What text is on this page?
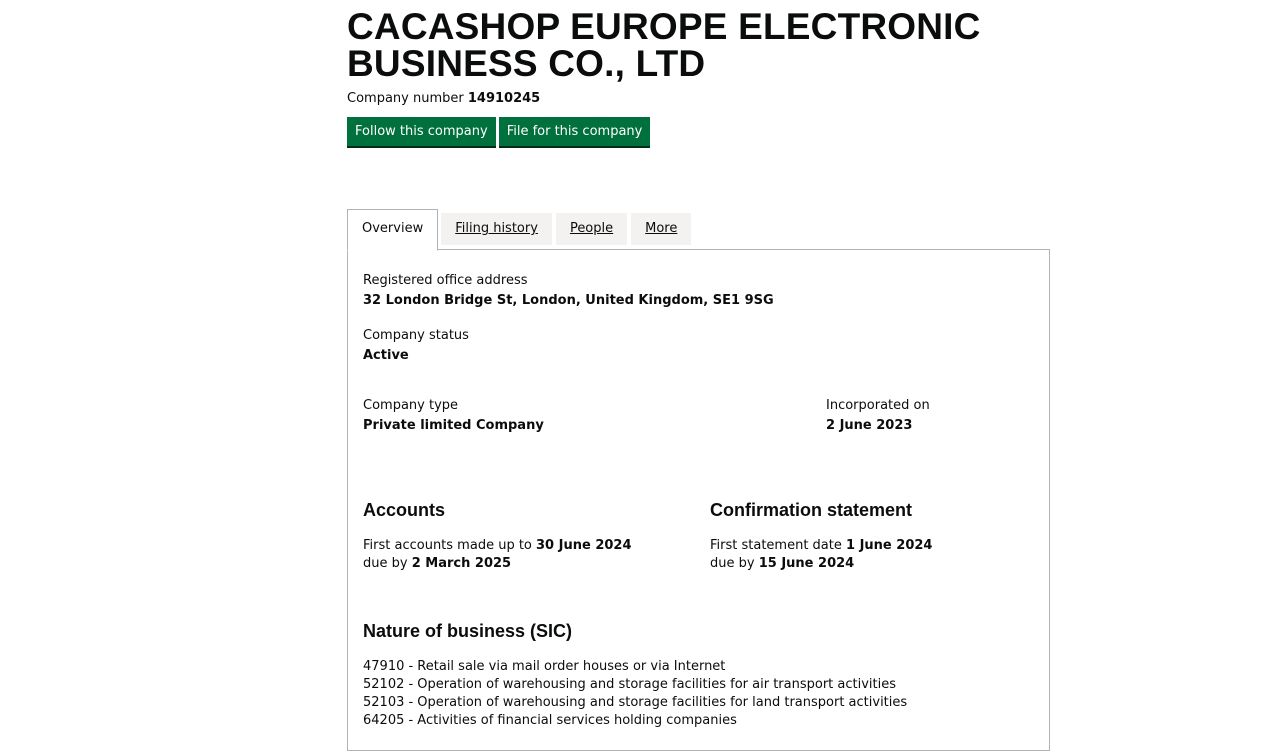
CACASHOP EUROPE ELECTRONIC BUSINESS CO., LTD
Company number 14910245
Follow this company	File for this company
Overview	Filing history	People	More
Registered office address
32 London Bridge St, London, United Kingdom, SE1 9SG
Company status
Active
Company type
Private limited Company
Incorporated on
2 June 2023
Accounts
First accounts made up to 30 June 2024
due by 2 March 2025
Confirmation statement
First statement date 1 June 2024
due by 15 June 2024
Nature of business (SIC)
47910 - Retail sale via mail order houses or via Internet
52102 - Operation of warehousing and storage facilities for air transport activities
52103 - Operation of warehousing and storage facilities for land transport activities
64205 - Activities of financial services holding companies
